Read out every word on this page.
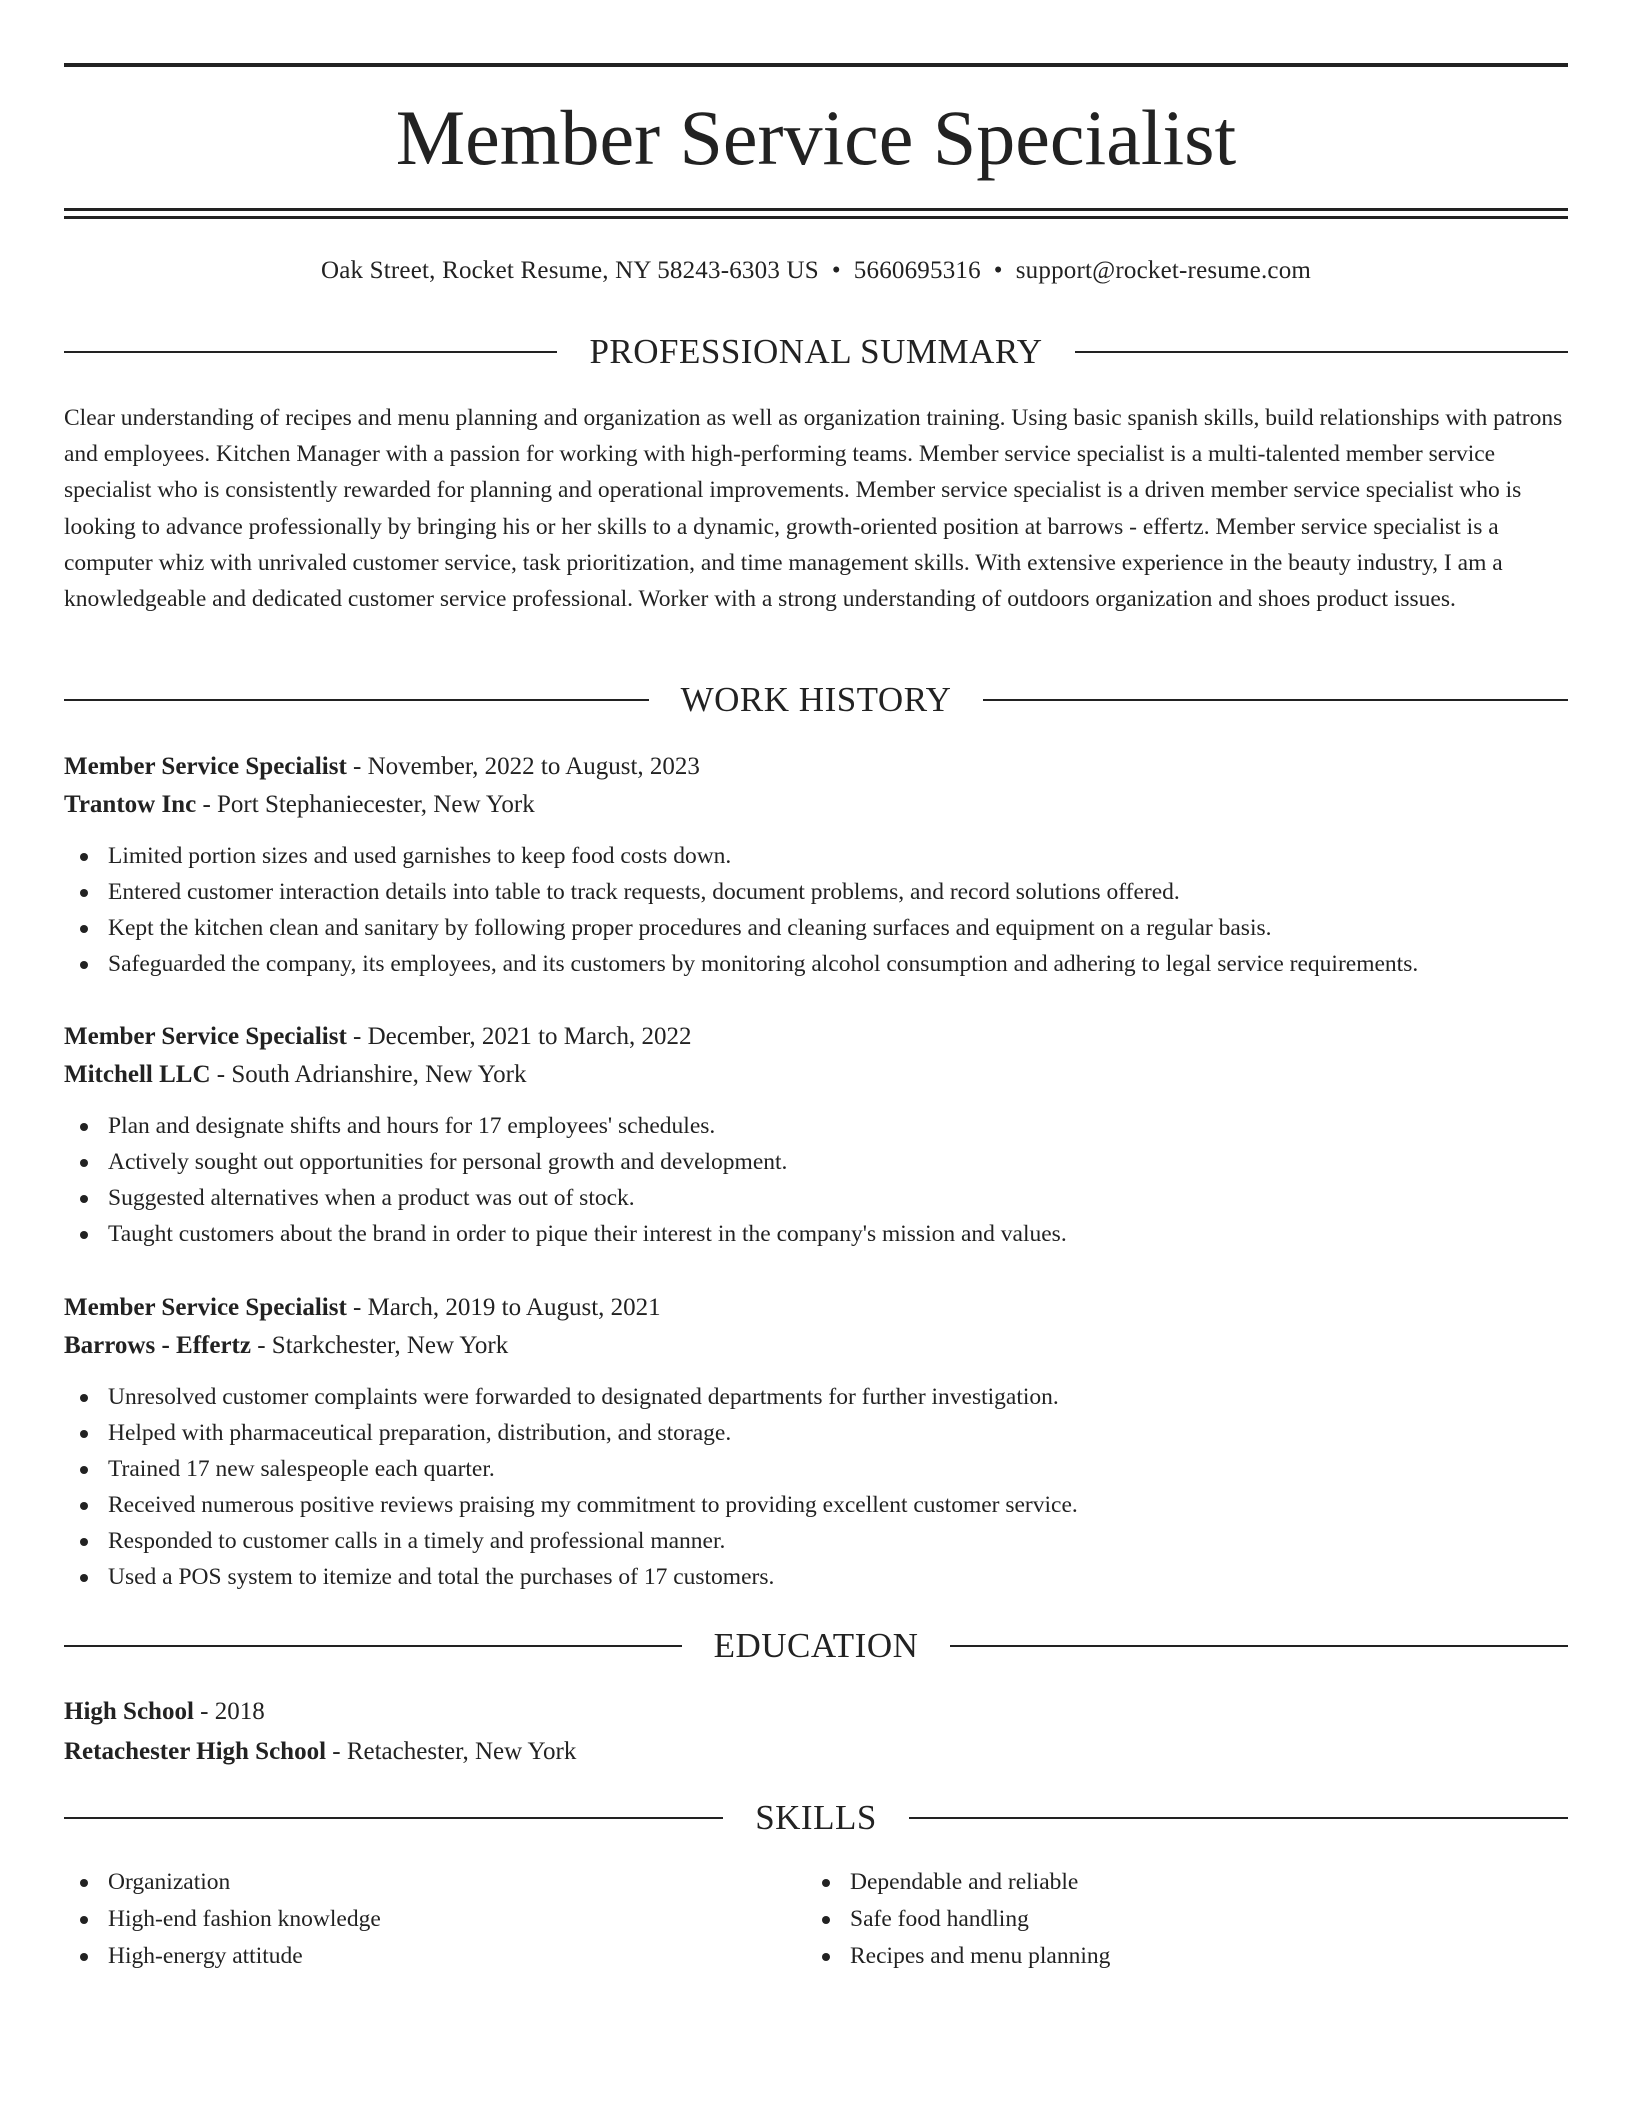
Member Service Specialist
Oak Street, Rocket Resume, NY 58243-6303 US • 5660695316 • support@rocket-resume.com
PROFESSIONAL SUMMARY

Clear understanding of recipes and menu planning and organization as well as organization training. Using basic spanish skills, build relationships with patrons and employees. Kitchen Manager with a passion for working with high-performing teams. Member service specialist is a multi-talented member service specialist who is consistently rewarded for planning and operational improvements. Member service specialist is a driven member service specialist who is looking to advance professionally by bringing his or her skills to a dynamic, growth-oriented position at barrows - effertz. Member service specialist is a computer whiz with unrivaled customer service, task prioritization, and time management skills. With extensive experience in the beauty industry, I am a knowledgeable and dedicated customer service professional. Worker with a strong understanding of outdoors organization and shoes product issues.

WORK HISTORY
Member Service Specialist - November, 2022 to August, 2023
Trantow Inc - Port Stephaniecester, New York
Limited portion sizes and used garnishes to keep food costs down.
Entered customer interaction details into table to track requests, document problems, and record solutions offered.
Kept the kitchen clean and sanitary by following proper procedures and cleaning surfaces and equipment on a regular basis.
Safeguarded the company, its employees, and its customers by monitoring alcohol consumption and adhering to legal service requirements.
Member Service Specialist - December, 2021 to March, 2022
Mitchell LLC - South Adrianshire, New York
Plan and designate shifts and hours for 17 employees' schedules.
Actively sought out opportunities for personal growth and development.
Suggested alternatives when a product was out of stock.
Taught customers about the brand in order to pique their interest in the company's mission and values.
Member Service Specialist - March, 2019 to August, 2021
Barrows - Effertz - Starkchester, New York
Unresolved customer complaints were forwarded to designated departments for further investigation.
Helped with pharmaceutical preparation, distribution, and storage.
Trained 17 new salespeople each quarter.
Received numerous positive reviews praising my commitment to providing excellent customer service.
Responded to customer calls in a timely and professional manner.
Used a POS system to itemize and total the purchases of 17 customers.
EDUCATION
High School - 2018
Retachester High School - Retachester, New York
SKILLS
Organization
High-end fashion knowledge
High-energy attitude
Dependable and reliable
Safe food handling
Recipes and menu planning
